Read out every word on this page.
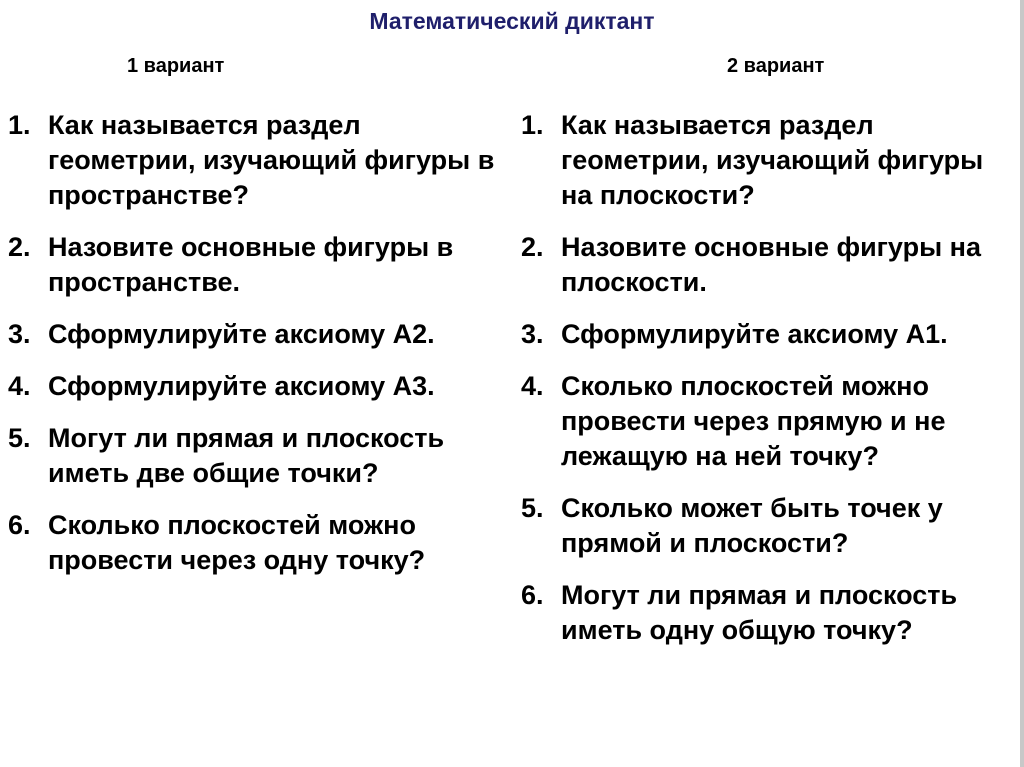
Математический диктант
1 вариант	2 вариант
1. Как называется раздел геометрии, изучающий фигуры в пространстве?
2. Назовите основные фигуры в пространстве.
3. Сформулируйте аксиому А2.
4. Сформулируйте аксиому А3.
5. Могут ли прямая и плоскость иметь две общие точки?
6. Сколько плоскостей можно провести через одну точку?
1. Как называется раздел геометрии, изучающий фигуры на плоскости?
2. Назовите основные фигуры на плоскости.
3. Сформулируйте аксиому А1.
4. Сколько плоскостей можно провести через прямую и не лежащую на ней точку?
5. Сколько может быть точек у прямой и плоскости?
6. Могут ли прямая и плоскость иметь одну общую точку?
